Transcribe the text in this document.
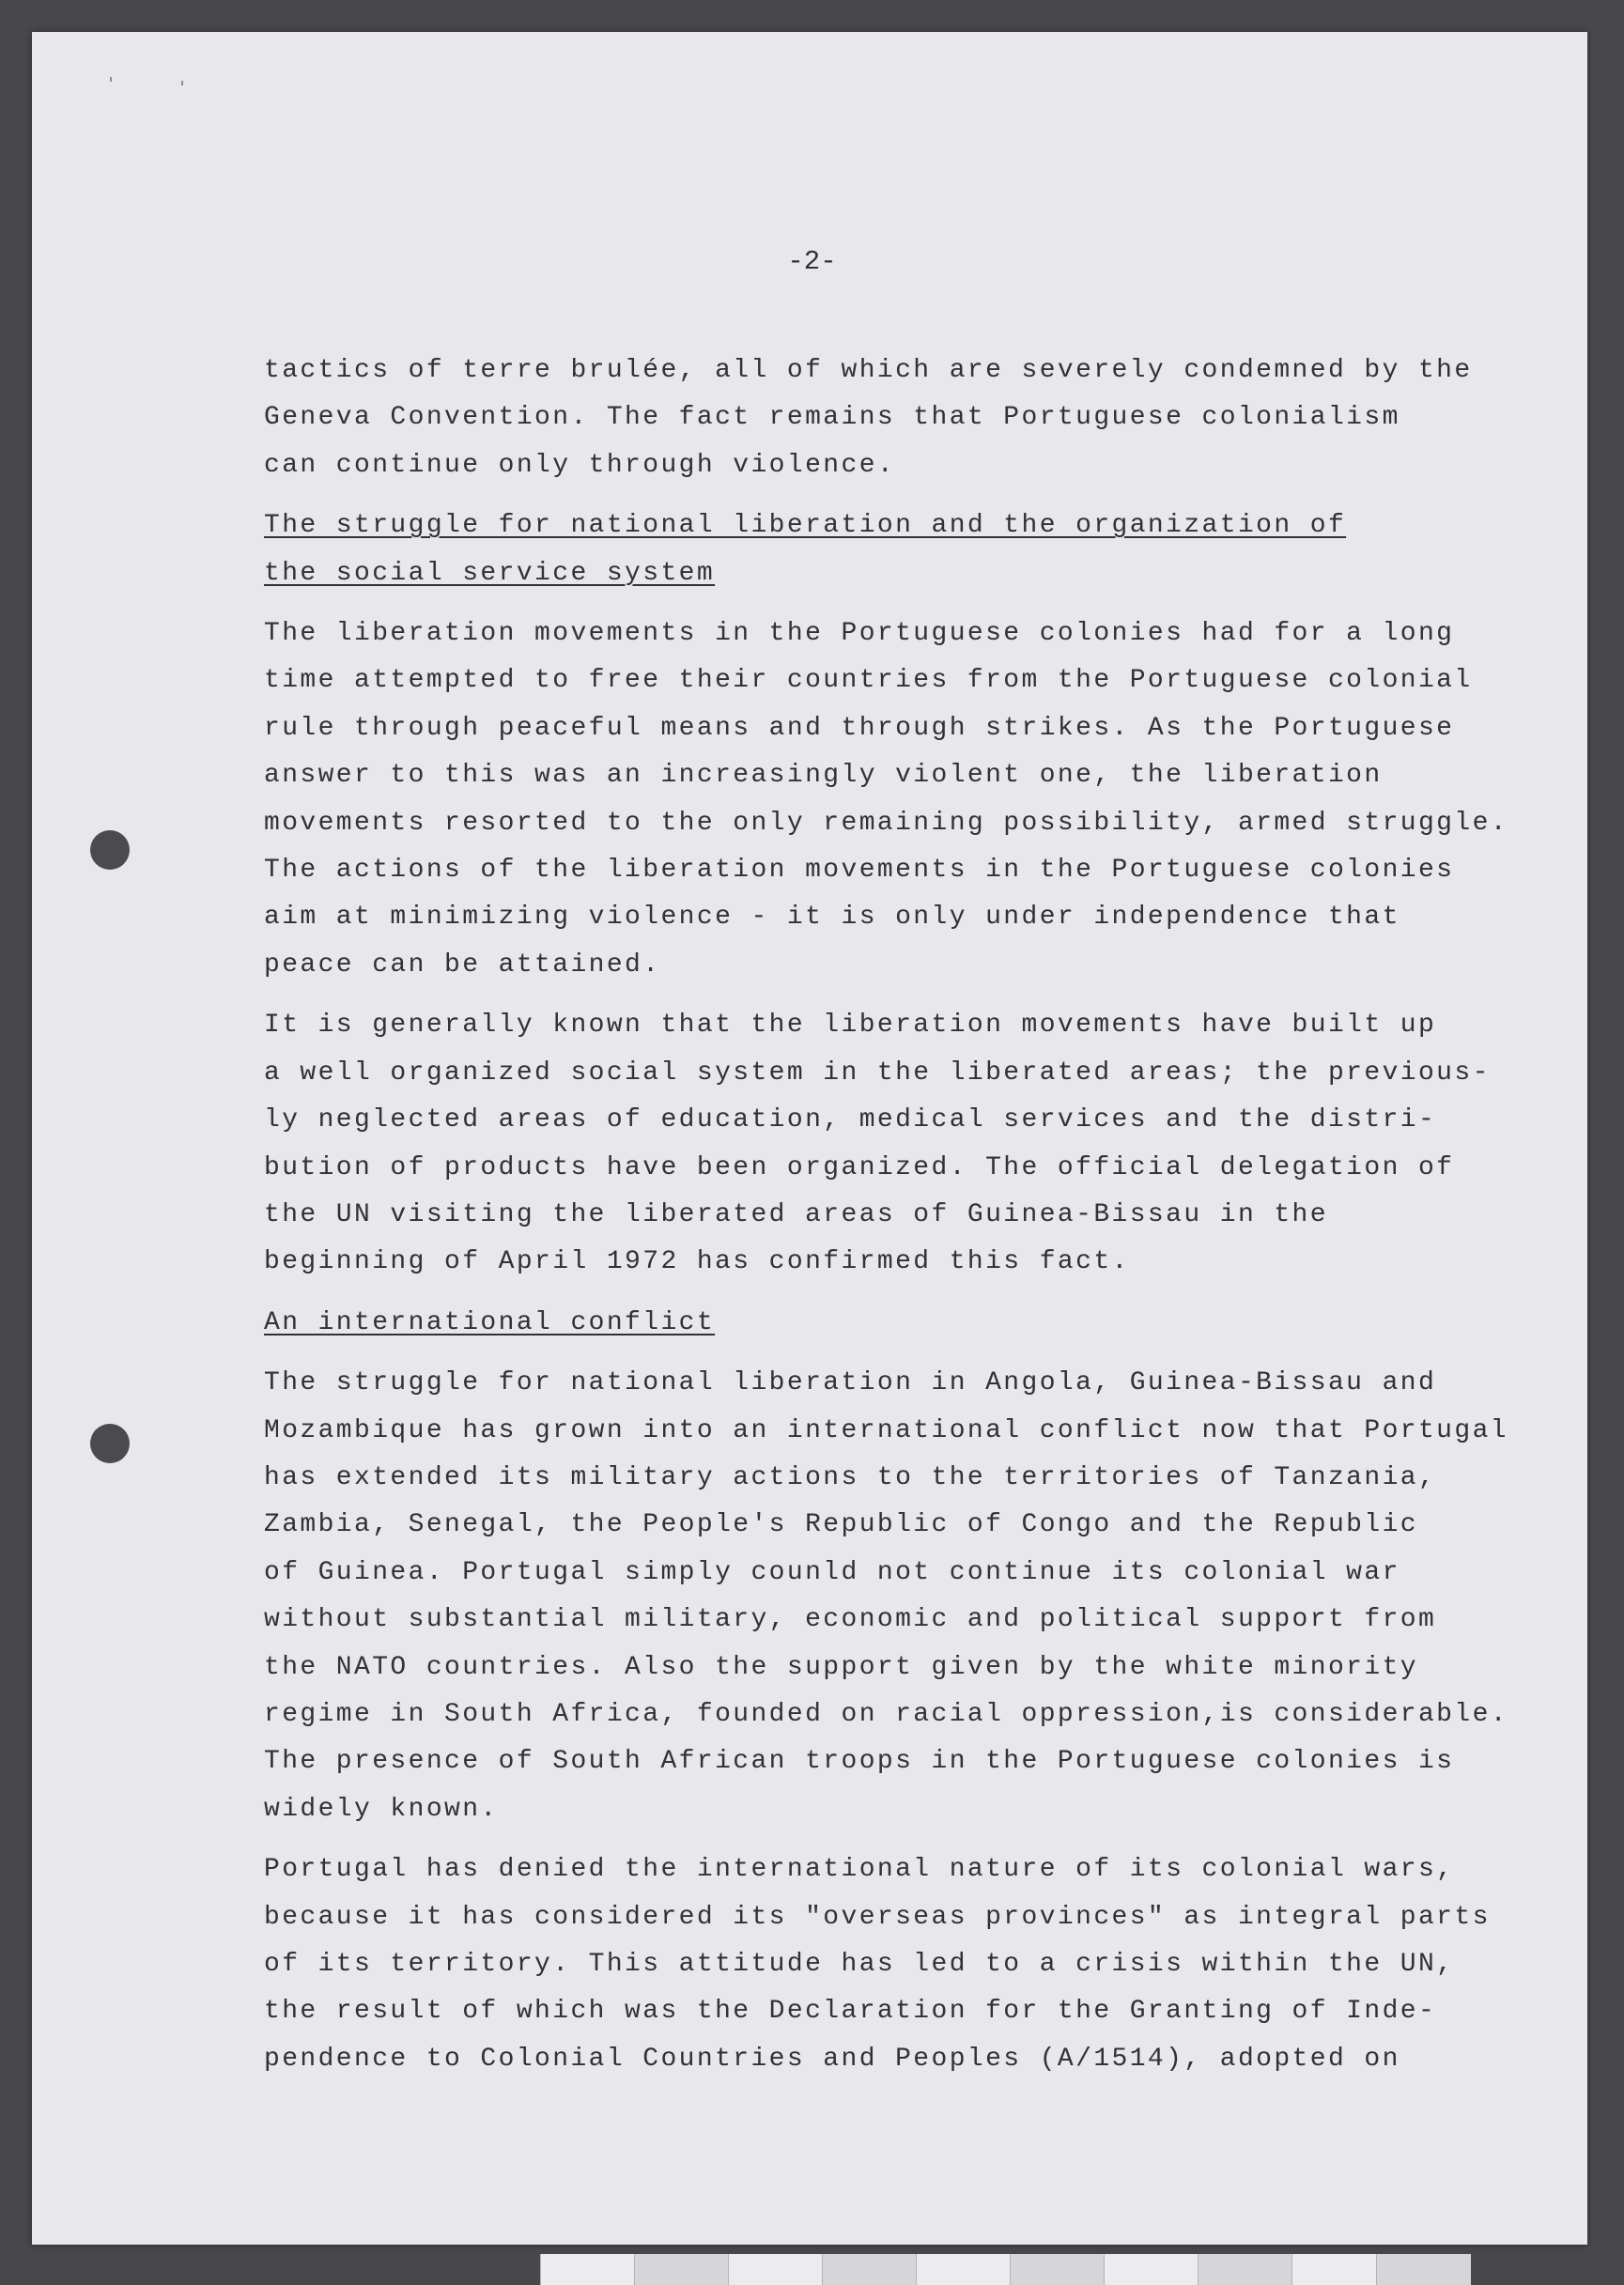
-2-
tactics of terre brulée, all of which are severely condemned by the
Geneva Convention. The fact remains that Portuguese colonialism
can continue only through violence.
The struggle for national liberation and the organization of
the social service system
The liberation movements in the Portuguese colonies had for a long
time attempted to free their countries from the Portuguese colonial
rule through peaceful means and through strikes. As the Portuguese
answer to this was an increasingly violent one, the liberation
movements resorted to the only remaining possibility, armed struggle.
The actions of the liberation movements in the Portuguese colonies
aim at minimizing violence - it is only under independence that
peace can be attained.
It is generally known that the liberation movements have built up
a well organized social system in the liberated areas; the previous-
ly neglected areas of education, medical services and the distri-
bution of products have been organized. The official delegation of
the UN visiting the liberated areas of Guinea-Bissau in the
beginning of April 1972 has confirmed this fact.
An international conflict
The struggle for national liberation in Angola, Guinea-Bissau and
Mozambique has grown into an international conflict now that Portugal
has extended its military actions to the territories of Tanzania,
Zambia, Senegal, the People's Republic of Congo and the Republic
of Guinea. Portugal simply counld not continue its colonial war
without substantial military, economic and political support from
the NATO countries. Also the support given by the white minority
regime in South Africa, founded on racial oppression,is considerable.
The presence of South African troops in the Portuguese colonies is
widely known.
Portugal has denied the international nature of its colonial wars,
because it has considered its "overseas provinces" as integral parts
of its territory. This attitude has led to a crisis within the UN,
the result of which was the Declaration for the Granting of Inde-
pendence to Colonial Countries and Peoples (A/1514), adopted on
